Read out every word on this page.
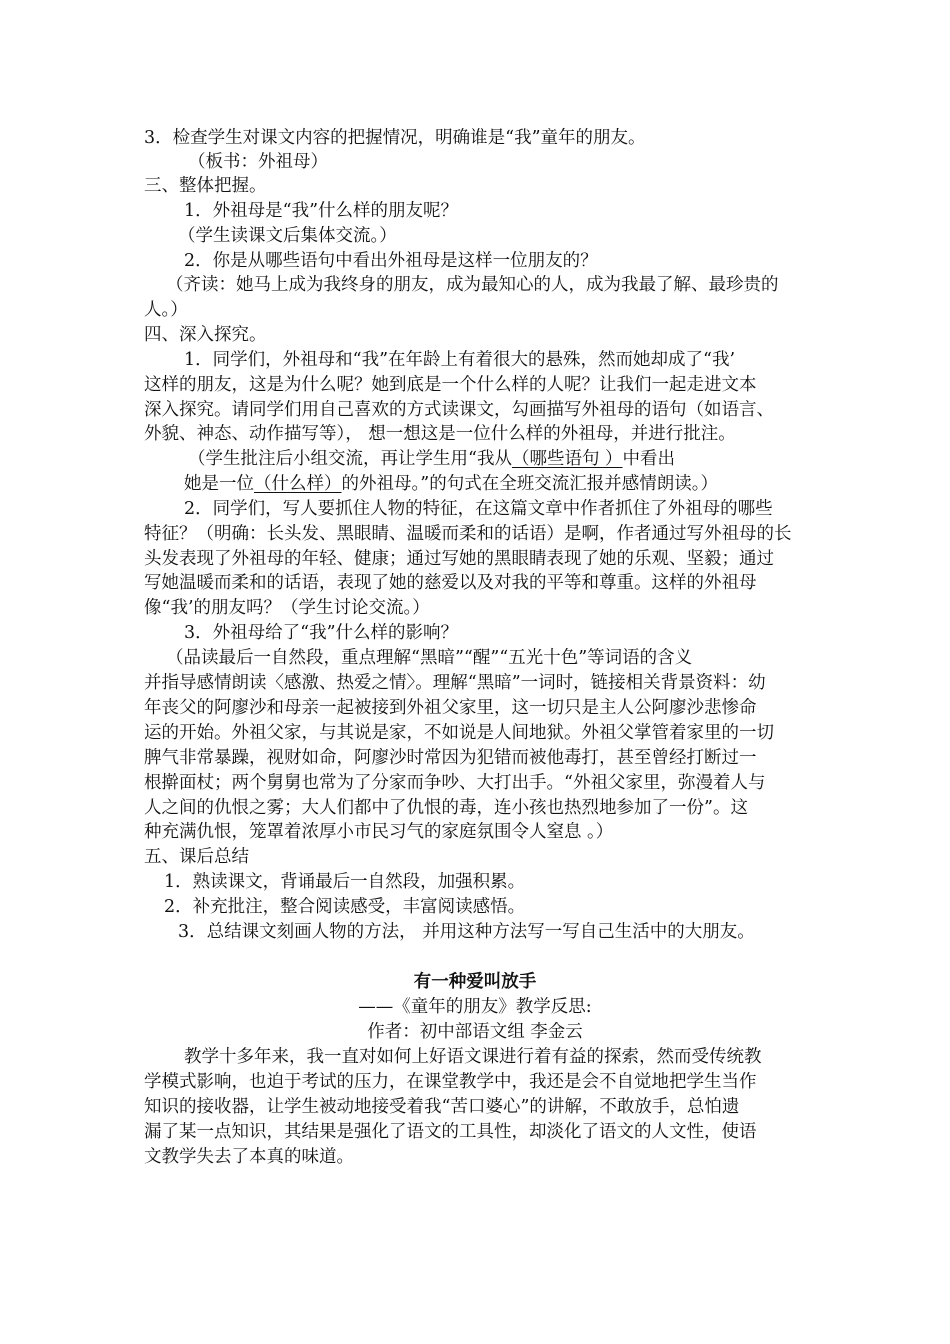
3．检查学生对课文内容的把握情况，明确谁是“我”童年的朋友。
（板书：外祖母）
三、整体把握。
1．外祖母是“我”什么样的朋友呢？
（学生读课文后集体交流。）
2．你是从哪些语句中看出外祖母是这样一位朋友的？
（齐读：她马上成为我终身的朋友，成为最知心的人，成为我最了解、最珍贵的
人。）
四、深入探究。
1．同学们，外祖母和“我”在年龄上有着很大的悬殊，然而她却成了“我’
这样的朋友，这是为什么呢？她到底是一个什么样的人呢？让我们一起走进文本
深入探究。请同学们用自己喜欢的方式读课文，勾画描写外祖母的语句（如语言、
外貌、神态、动作描写等）， 想一想这是一位什么样的外祖母，并进行批注。
（学生批注后小组交流，再让学生用“我从（哪些语句 ）中看出
她是一位（什么样）的外祖母。”的句式在全班交流汇报并感情朗读。）
2．同学们，写人要抓住人物的特征，在这篇文章中作者抓住了外祖母的哪些
特征？（明确：长头发、黑眼睛、温暖而柔和的话语）是啊，作者通过写外祖母的长
头发表现了外祖母的年轻、健康；通过写她的黑眼睛表现了她的乐观、坚毅；通过
写她温暖而柔和的话语，表现了她的慈爱以及对我的平等和尊重。这样的外祖母
像“我’的朋友吗？（学生讨论交流。）
3．外祖母给了“我”什么样的影响？
（品读最后一自然段，重点理解“黑暗”“醒”“五光十色”等词语的含义
并指导感情朗读〈感激、热爱之情〉。理解“黑暗”一词时，链接相关背景资料：幼
年丧父的阿廖沙和母亲一起被接到外祖父家里，这一切只是主人公阿廖沙悲惨命
运的开始。外祖父家，与其说是家，不如说是人间地狱。外祖父掌管着家里的一切
脾气非常暴躁，视财如命，阿廖沙时常因为犯错而被他毒打，甚至曾经打断过一
根擀面杖；两个舅舅也常为了分家而争吵、大打出手。“外祖父家里，弥漫着人与
人之间的仇恨之雾；大人们都中了仇恨的毒，连小孩也热烈地参加了一份”。这
种充满仇恨，笼罩着浓厚小市民习气的家庭氛围令人窒息 。）
五、课后总结
1．熟读课文，背诵最后一自然段，加强积累。
2．补充批注，整合阅读感受，丰富阅读感悟。
3．总结课文刻画人物的方法， 并用这种方法写一写自己生活中的大朋友。
有一种爱叫放手
——《童年的朋友》教学反思:
作者：初中部语文组 李金云
教学十多年来，我一直对如何上好语文课进行着有益的探索，然而受传统教
学模式影响，也迫于考试的压力，在课堂教学中，我还是会不自觉地把学生当作
知识的接收器，让学生被动地接受着我“苦口婆心”的讲解，不敢放手，总怕遗
漏了某一点知识，其结果是强化了语文的工具性，却淡化了语文的人文性，使语
文教学失去了本真的味道。
